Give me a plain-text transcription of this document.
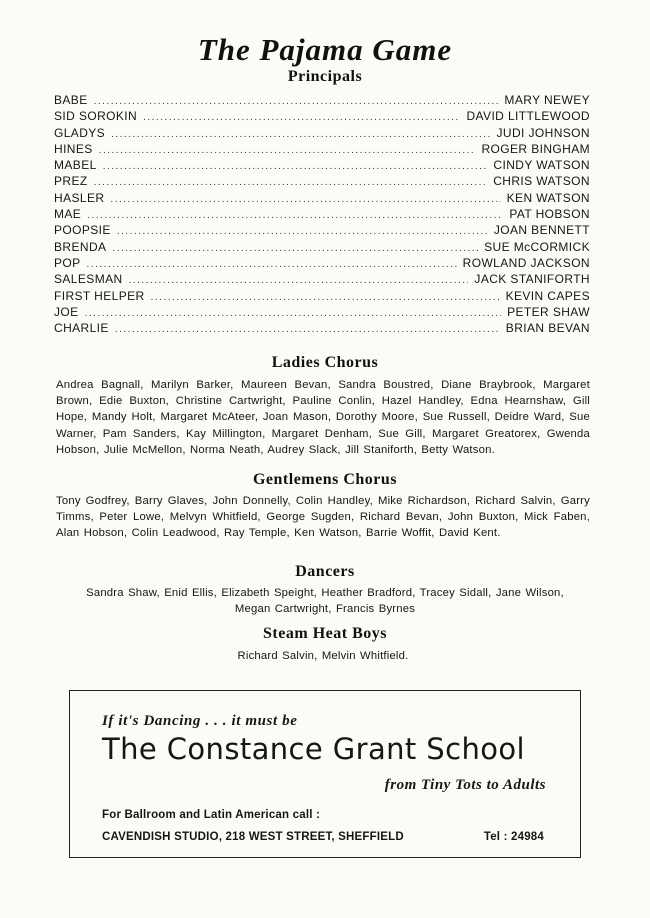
The Pajama Game
Principals
BABE .....	MARY NEWEY
SID SOROKIN .....	DAVID LITTLEWOOD
GLADYS .....	JUDI JOHNSON
HINES .....	ROGER BINGHAM
MABEL .....	CINDY WATSON
PREZ .....	CHRIS WATSON
HASLER .....	KEN WATSON
MAE .....	PAT HOBSON
POOPSIE .....	JOAN BENNETT
BRENDA .....	SUE McCORMICK
POP .....	ROWLAND JACKSON
SALESMAN .....	JACK STANIFORTH
FIRST HELPER .....	KEVIN CAPES
JOE .....	PETER SHAW
CHARLIE .....	BRIAN BEVAN
Ladies Chorus
Andrea Bagnall, Marilyn Barker, Maureen Bevan, Sandra Boustred, Diane Braybrook, Margaret Brown, Edie Buxton, Christine Cartwright, Pauline Conlin, Hazel Handley, Edna Hearnshaw, Gill Hope, Mandy Holt, Margaret McAteer, Joan Mason, Dorothy Moore, Sue Russell, Deidre Ward, Sue Warner, Pam Sanders, Kay Millington, Margaret Denham, Sue Gill, Margaret Greatorex, Gwenda Hobson, Julie McMellon, Norma Neath, Audrey Slack, Jill Staniforth, Betty Watson.
Gentlemens Chorus
Tony Godfrey, Barry Glaves, John Donnelly, Colin Handley, Mike Richardson, Richard Salvin, Garry Timms, Peter Lowe, Melvyn Whitfield, George Sugden, Richard Bevan, John Buxton, Mick Faben, Alan Hobson, Colin Leadwood, Ray Temple, Ken Watson, Barrie Woffit, David Kent.
Dancers
Sandra Shaw, Enid Ellis, Elizabeth Speight, Heather Bradford, Tracey Sidall, Jane Wilson, Megan Cartwright, Francis Byrnes
Steam Heat Boys
Richard Salvin, Melvin Whitfield.
If it's Dancing . . . it must be
The Constance Grant School
from Tiny Tots to Adults
For Ballroom and Latin American call :
CAVENDISH STUDIO, 218 WEST STREET, SHEFFIELD	Tel : 24984
